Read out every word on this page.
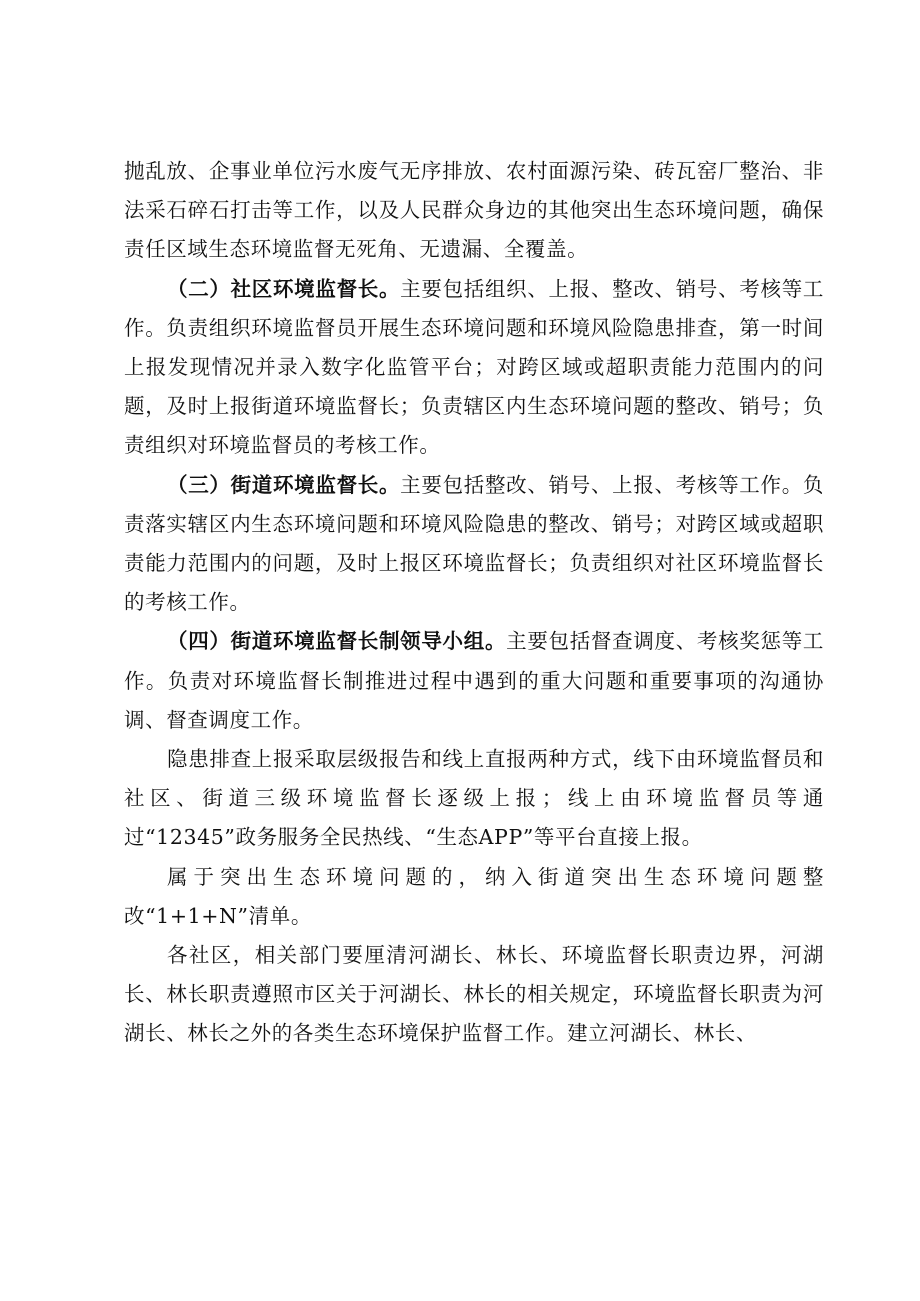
抛乱放、企事业单位污水废气无序排放、农村面源污染、砖瓦窑厂整治、非法采石碎石打击等工作，以及人民群众身边的其他突出生态环境问题，确保责任区域生态环境监督无死角、无遗漏、全覆盖。

（二）社区环境监督长。主要包括组织、上报、整改、销号、考核等工作。负责组织环境监督员开展生态环境问题和环境风险隐患排查，第一时间上报发现情况并录入数字化监管平台；对跨区域或超职责能力范围内的问题，及时上报街道环境监督长；负责辖区内生态环境问题的整改、销号；负责组织对环境监督员的考核工作。

（三）街道环境监督长。主要包括整改、销号、上报、考核等工作。负责落实辖区内生态环境问题和环境风险隐患的整改、销号；对跨区域或超职责能力范围内的问题，及时上报区环境监督长；负责组织对社区环境监督长的考核工作。

（四）街道环境监督长制领导小组。主要包括督查调度、考核奖惩等工作。负责对环境监督长制推进过程中遇到的重大问题和重要事项的沟通协调、督查调度工作。

隐患排查上报采取层级报告和线上直报两种方式，线下由环境监督员和社区、街道三级环境监督长逐级上报；线上由环境监督员等通过“12345”政务服务全民热线、“生态APP”等平台直接上报。

属于突出生态环境问题的，纳入街道突出生态环境问题整改“1+1+N”清单。

各社区，相关部门要厘清河湖长、林长、环境监督长职责边界，河湖长、林长职责遵照市区关于河湖长、林长的相关规定，环境监督长职责为河湖长、林长之外的各类生态环境保护监督工作。建立河湖长、林长、
